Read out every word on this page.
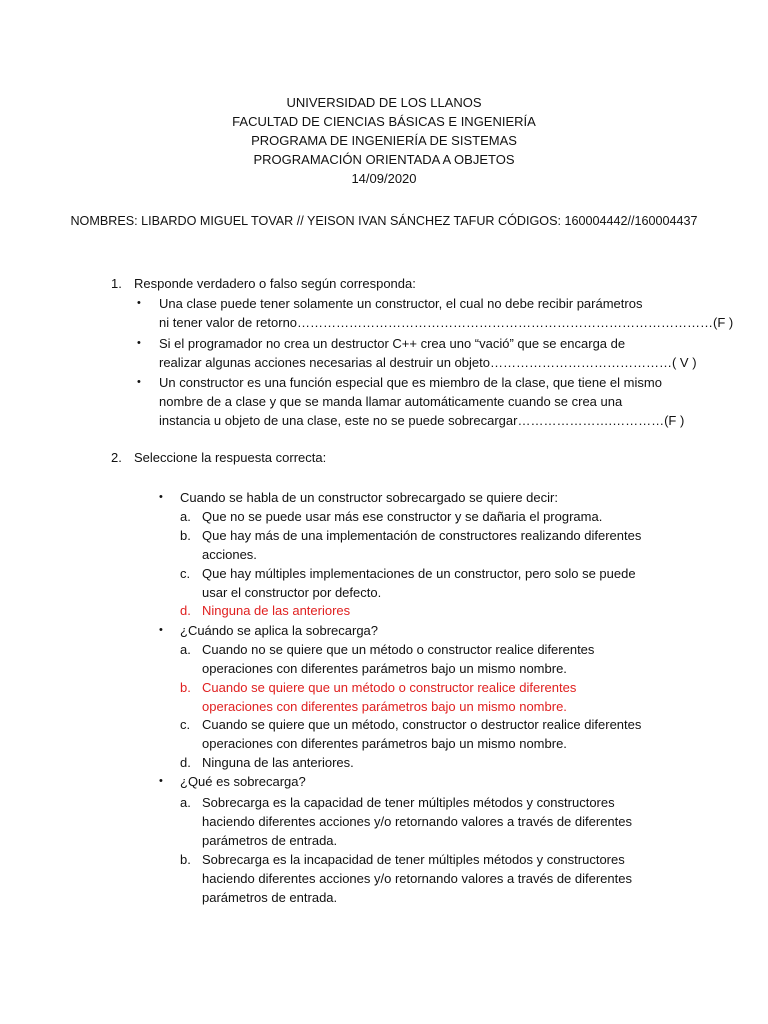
UNIVERSIDAD DE LOS LLANOS
FACULTAD DE CIENCIAS BÁSICAS E INGENIERÍA
PROGRAMA DE INGENIERÍA DE SISTEMAS
PROGRAMACIÓN ORIENTADA A OBJETOS
14/09/2020
NOMBRES: LIBARDO MIGUEL TOVAR // YEISON IVAN SÁNCHEZ TAFUR CÓDIGOS: 160004442//160004437
1. Responde verdadero o falso según corresponda:
• Una clase puede tener solamente un constructor, el cual no debe recibir parámetros
ni tener valor de retorno……………………………………………………………………………………(F )
• Si el programador no crea un destructor C++ crea uno “vació” que se encarga de
realizar algunas acciones necesarias al destruir un objeto……………………………………( V )
• Un constructor es una función especial que es miembro de la clase, que tiene el mismo
nombre de a clase y que se manda llamar automáticamente cuando se crea una
instancia u objeto de una clase, este no se puede sobrecargar………………….…………(F )
2. Seleccione la respuesta correcta:
• Cuando se habla de un constructor sobrecargado se quiere decir:
a. Que no se puede usar más ese constructor y se dañaria el programa.
b. Que hay más de una implementación de constructores realizando diferentes
acciones.
c. Que hay múltiples implementaciones de un constructor, pero solo se puede
usar el constructor por defecto.
d. Ninguna de las anteriores
• ¿Cuándo se aplica la sobrecarga?
a. Cuando no se quiere que un método o constructor realice diferentes
operaciones con diferentes parámetros bajo un mismo nombre.
b. Cuando se quiere que un método o constructor realice diferentes
operaciones con diferentes parámetros bajo un mismo nombre.
c. Cuando se quiere que un método, constructor o destructor realice diferentes
operaciones con diferentes parámetros bajo un mismo nombre.
d. Ninguna de las anteriores.
• ¿Qué es sobrecarga?
a. Sobrecarga es la capacidad de tener múltiples métodos y constructores
haciendo diferentes acciones y/o retornando valores a través de diferentes
parámetros de entrada.
b. Sobrecarga es la incapacidad de tener múltiples métodos y constructores
haciendo diferentes acciones y/o retornando valores a través de diferentes
parámetros de entrada.
